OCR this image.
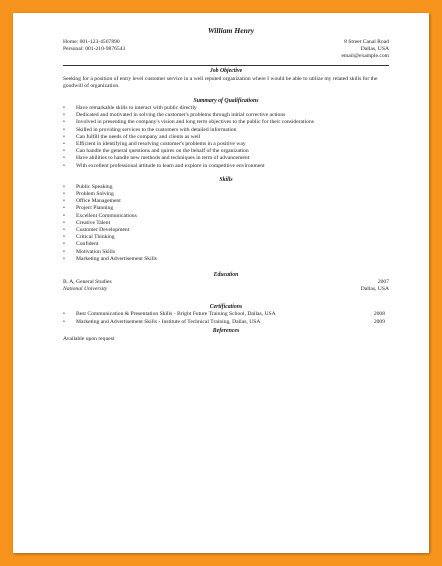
William Henry
Home: 001-123-4567890
Personal: 001-210-9876543
8 Street Canal Road
Dallas, USA
email@example.com
Job Objective
Seeking for a position of entry level customer service in a well reputed organization where I would be able to utilize my related skills for the goodwill of organization.
Summary of Qualifications
• Have remarkable skills to interact with public directly
• Dedicated and motivated in solving the customer's problems through initial corrective actions
• Involved in presenting the company's vision and long term objectives to the public for their considerations
• Skilled in providing services to the customers with detailed information
• Can fulfill the needs of the company and clients as well
• Efficient in identifying and resolving customer's problems in a positive way
• Can handle the general questions and quires on the behalf of the organization
• Have abilities to handle new methods and techniques in term of advancement
• With excellent professional attitude to learn and explore in competitive environment
Skills
• Public Speaking
• Problem Solving
• Office Management
• Project Planning
• Excellent Communications
• Creative Talent
• Customer Development
• Critical Thinking
• Confident
• Motivation Skills
• Marketing and Advertisement Skills
Education
B. A, General Studies	2007
National University	Dallas, USA
Certifications
• Best Communication & Presentation Skills - Bright Future Training School, Dallas, USA	2008
• Marketing and Advertisement Skills - Institute of Technical Training, Dallas, USA	2009
References
Available upon request
